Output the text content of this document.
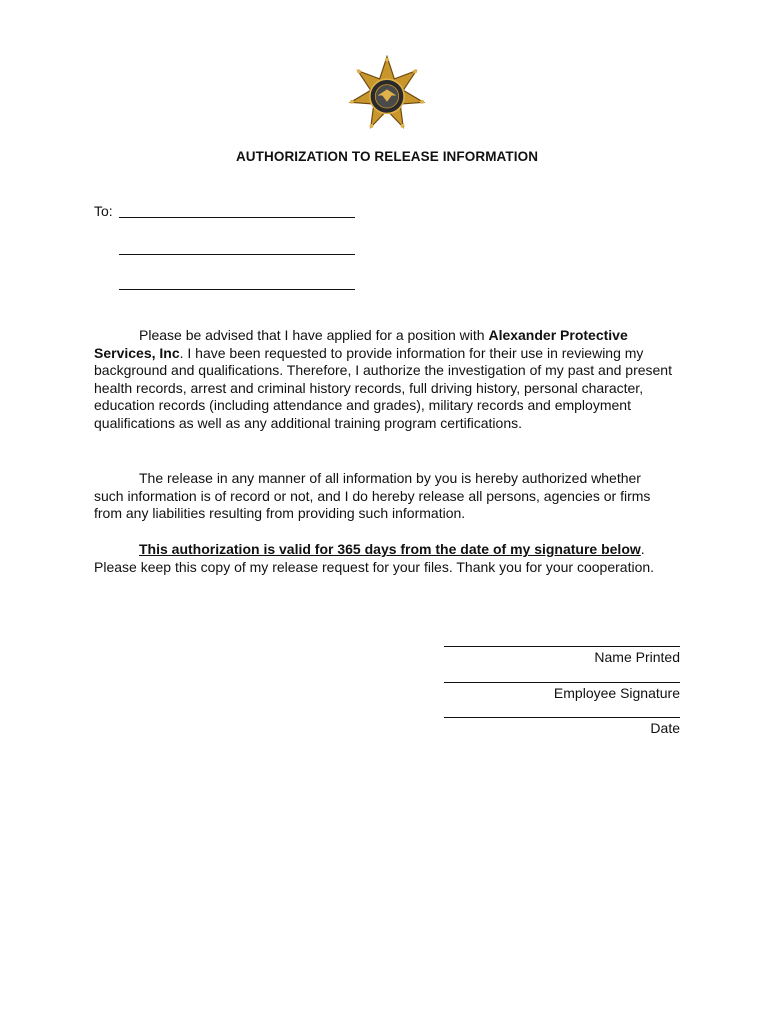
AUTHORIZATION TO RELEASE INFORMATION
To:

Please be advised that I have applied for a position with Alexander Protective Services, Inc. I have been requested to provide information for their use in reviewing my background and qualifications. Therefore, I authorize the investigation of my past and present health records, arrest and criminal history records, full driving history, personal character, education records (including attendance and grades), military records and employment qualifications as well as any additional training program certifications.

The release in any manner of all information by you is hereby authorized whether such information is of record or not, and I do hereby release all persons, agencies or firms from any liabilities resulting from providing such information.

This authorization is valid for 365 days from the date of my signature below. Please keep this copy of my release request for your files. Thank you for your cooperation.

Name Printed
Employee Signature
Date
